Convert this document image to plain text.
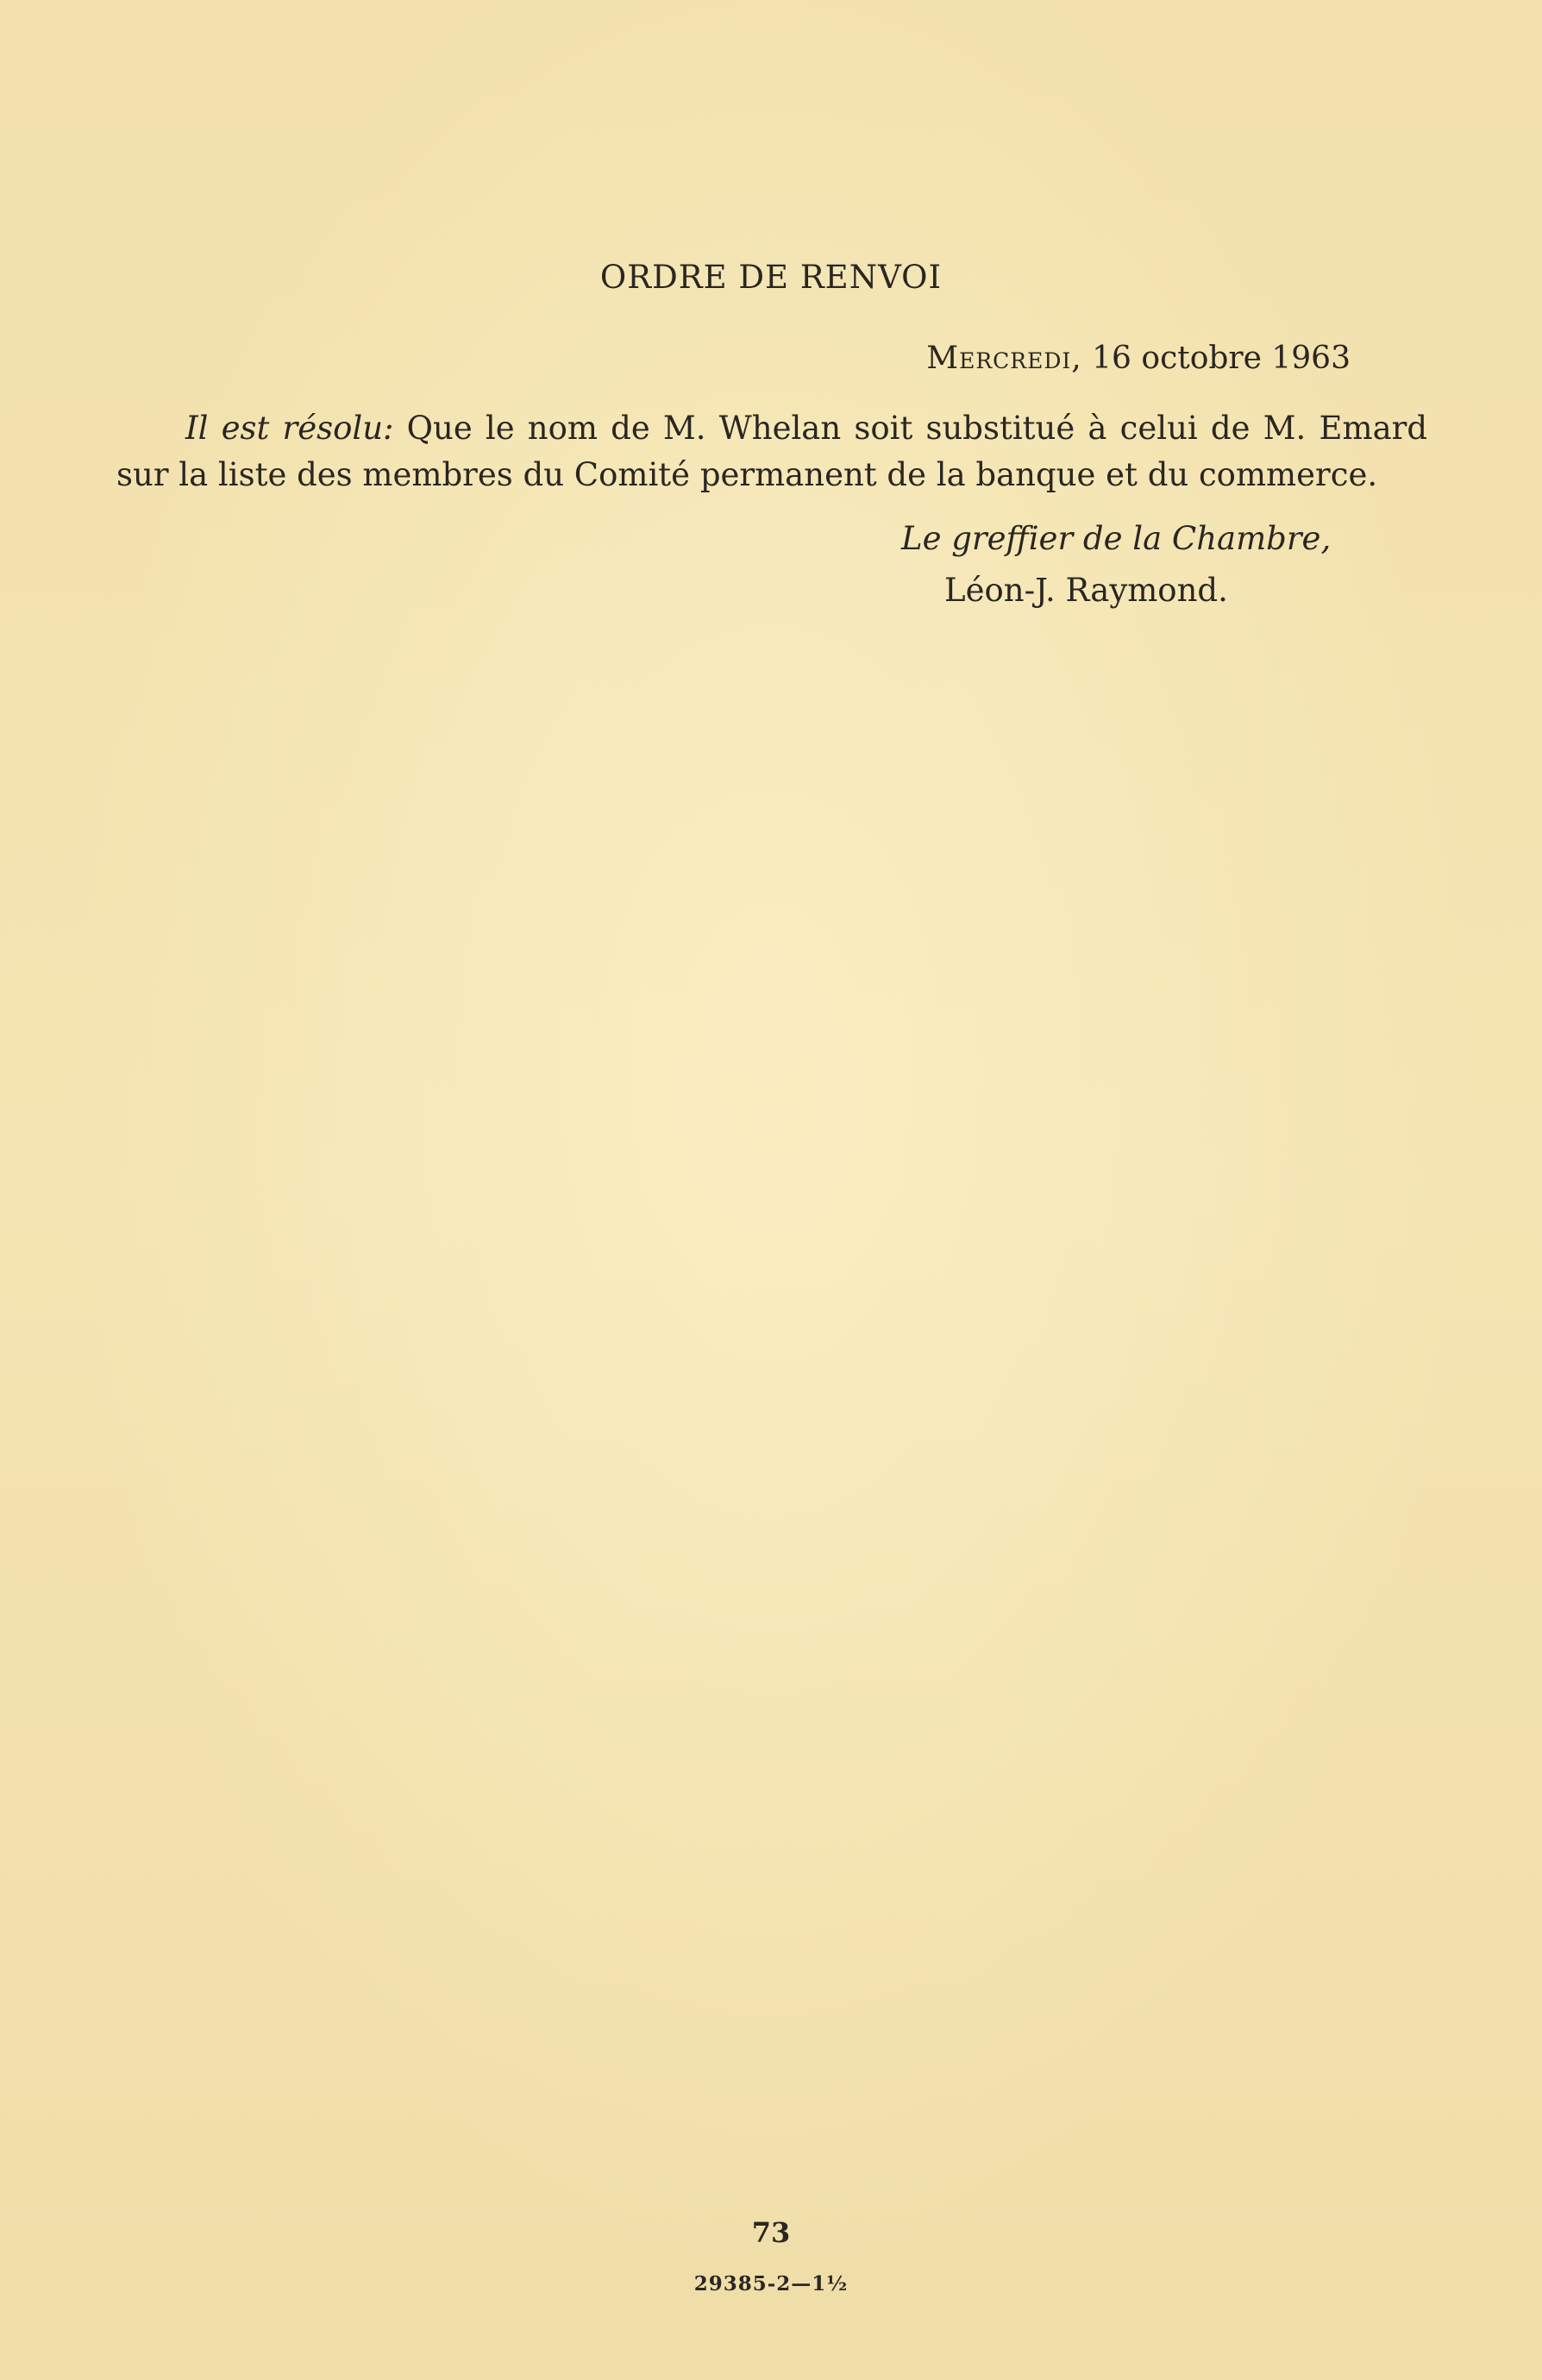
ORDRE DE RENVOI

Mercredi, 16 octobre 1963

Il est résolu: Que le nom de M. Whelan soit substitué à celui de M. Emard sur la liste des membres du Comité permanent de la banque et du commerce.

Le greffier de la Chambre,
Léon-J. Raymond.

73

29385-2—1½
